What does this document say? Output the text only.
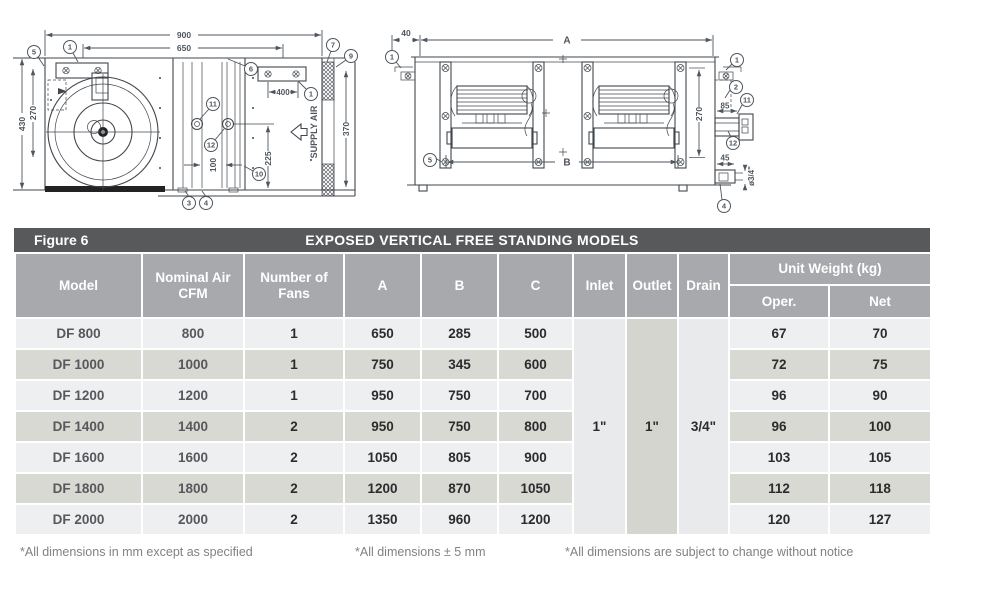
SUPPLY AIR
900
650
430
270
370
225
100
400
5
1
6
7
9
1
11
12
10
3 4
40
A
B
270
85
45
ø3/4"
1	1
2
11
12
5
4
Figure 6	EXPOSED VERTICAL FREE STANDING MODELS
Model	Nominal Air CFM	Number of Fans	A	B	C	Inlet	Outlet	Drain	Unit Weight (kg)	
									Oper.	Net
DF 800	800	1	650	285	500	1"	1"	3/4"	67	70
DF 1000	1000	1	750	345	600				72	75
DF 1200	1200	1	950	750	700				96	90
DF 1400	1400	2	950	750	800				96	100
DF 1600	1600	2	1050	805	900				103	105
DF 1800	1800	2	1200	870	1050				112	118
DF 2000	2000	2	1350	960	1200				120	127
*All dimensions in mm except as specified	*All dimensions ± 5 mm	*All dimensions are subject to change without notice
